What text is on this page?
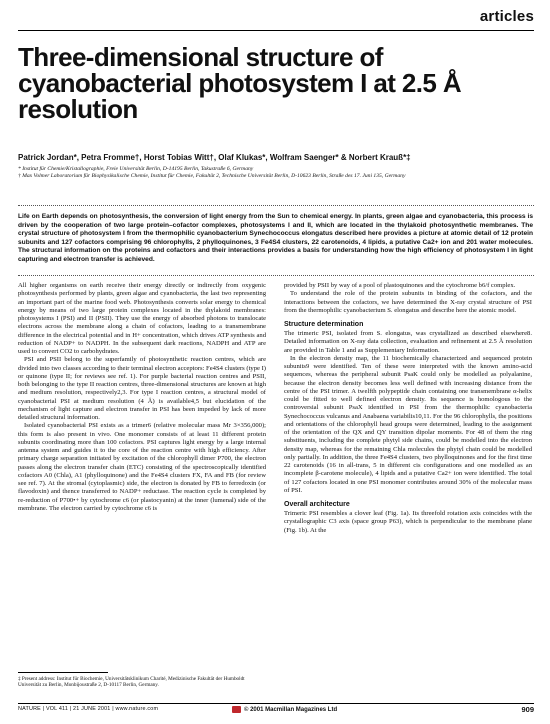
articles
Three-dimensional structure of cyanobacterial photosystem I at 2.5 Å resolution
Patrick Jordan*, Petra Fromme†, Horst Tobias Witt†, Olaf Klukas*, Wolfram Saenger* & Norbert Krauß*‡
* Institut für Chemie/Kristallographie, Freie Universität Berlin, D-14195 Berlin, Takustraße 6, Germany
† Max Volmer Laboratorium für Biophysikalische Chemie, Institut für Chemie, Fakultät 2, Technische Universität Berlin, D-10623 Berlin, Straße des 17. Juni 135, Germany
Life on Earth depends on photosynthesis, the conversion of light energy from the Sun to chemical energy. In plants, green algae and cyanobacteria, this process is driven by the cooperation of two large protein–cofactor complexes, photosystems I and II, which are located in the thylakoid photosynthetic membranes. The crystal structure of photosystem I from the thermophilic cyanobacterium Synechococcus elongatus described here provides a picture at atomic detail of 12 protein subunits and 127 cofactors comprising 96 chlorophylls, 2 phylloquinones, 3 Fe4S4 clusters, 22 carotenoids, 4 lipids, a putative Ca2+ ion and 201 water molecules. The structural information on the proteins and cofactors and their interactions provides a basis for understanding how the high efficiency of photosystem I in light capturing and electron transfer is achieved.

All higher organisms on earth receive their energy directly or indirectly from oxygenic photosynthesis performed by plants, green algae and cyanobacteria, the last two representing an important part of the marine food web. Photosynthesis converts solar energy to chemical energy by means of two large protein complexes located in the thylakoid membranes: photosystems I (PSI) and II (PSII). They use the energy of absorbed photons to translocate electrons across the membrane along a chain of cofactors, leading to a transmembrane difference in the electrical potential and in H+ concentration, which drives ATP synthesis and reduction of NADP+ to NADPH. In the subsequent dark reactions, NADPH and ATP are used to convert CO2 to carbohydrates.

PSI and PSII belong to the superfamily of photosynthetic reaction centres, which are divided into two classes according to their terminal electron acceptors: Fe4S4 clusters (type I) or quinone (type II; for reviews see ref. 1). For purple bacterial reaction centres and PSII, both belonging to the type II reaction centres, three-dimensional structures are known at high and medium resolution, respectively2,3. For type I reaction centres, a structural model of cyanobacterial PSI at medium resolution (4 Å) is available4,5 but elucidation of the mechanism of light capture and electron transfer in PSI has been impeded by lack of more detailed structural information.

Isolated cyanobacterial PSI exists as a trimer6 (relative molecular mass Mr 3×356,000); this form is also present in vivo. One monomer consists of at least 11 different protein subunits coordinating more than 100 cofactors. PSI captures light energy by a large internal antenna system and guides it to the core of the reaction centre with high efficiency. After primary charge separation initiated by excitation of the chlorophyll dimer P700, the electron passes along the electron transfer chain (ETC) consisting of the spectroscopically identified cofactors A0 (Chla), A1 (phylloquinone) and the Fe4S4 clusters FX, FA and FB (for review see ref. 7). At the stromal (cytoplasmic) side, the electron is donated by FB to ferredoxin (or flavodoxin) and thence transferred to NADP+ reductase. The reaction cycle is completed by re-reduction of P700•+ by cytochrome c6 (or plastocyanin) at the inner (lumenal) side of the membrane. The electron carried by cytochrome c6 is

‡ Present address: Institut für Biochemie, Universitätsklinikum Charité, Medizinische Fakultät der Humboldt Universität zu Berlin, Monbijoustraße 2, D-10117 Berlin, Germany.

provided by PSII by way of a pool of plastoquinones and the cytochrome b6/f complex.

To understand the role of the protein subunits in binding of the cofactors, and the interactions between the cofactors, we have determined the X-ray crystal structure of PSI from the thermophilic cyanobacterium S. elongatus and describe here the atomic model.

Structure determination

The trimeric PSI, isolated from S. elongatus, was crystallized as described elsewhere8. Detailed information on X-ray data collection, evaluation and refinement at 2.5 Å resolution are provided in Table 1 and as Supplementary Information.

In the electron density map, the 11 biochemically characterized and sequenced protein subunits9 were identified. Ten of these were interpreted with the known amino-acid sequences, whereas the peripheral subunit PsaK could only be modelled as polyalanine, because the electron density becomes less well defined with increasing distance from the centre of the PSI trimer. A twelfth polypeptide chain containing one transmembrane α-helix could be fitted to well defined electron density. Its sequence is homologous to the controversial subunit PsaX identified in PSI from the thermophilic cyanobacteria Synechococcus vulcanus and Anabaena variabilis10,11. For the 96 chlorophylls, the positions and orientations of the chlorophyll head groups were determined, leading to the assignment of the orientation of the QX and QY transition dipolar moments. For 48 of them the ring substituents, including the complete phytyl side chains, could be modelled into the electron density map, whereas for the remaining Chla molecules the phytyl chain could be modelled only partially. In addition, the three Fe4S4 clusters, two phylloquinones and for the first time 22 carotenoids (16 in all-trans, 5 in different cis configurations and one modelled as an incomplete β-carotene molecule), 4 lipids and a putative Ca2+ ion were identified. The total of 127 cofactors located in one PSI monomer contributes around 30% of the molecular mass of PSI.

Overall architecture

Trimeric PSI resembles a clover leaf (Fig. 1a). Its threefold rotation axis coincides with the crystallographic C3 axis (space group P63), which is perpendicular to the membrane plane (Fig. 1b). At the

NATURE | VOL 411 | 21 JUNE 2001 | www.nature.com	© 2001 Macmillan Magazines Ltd	909
